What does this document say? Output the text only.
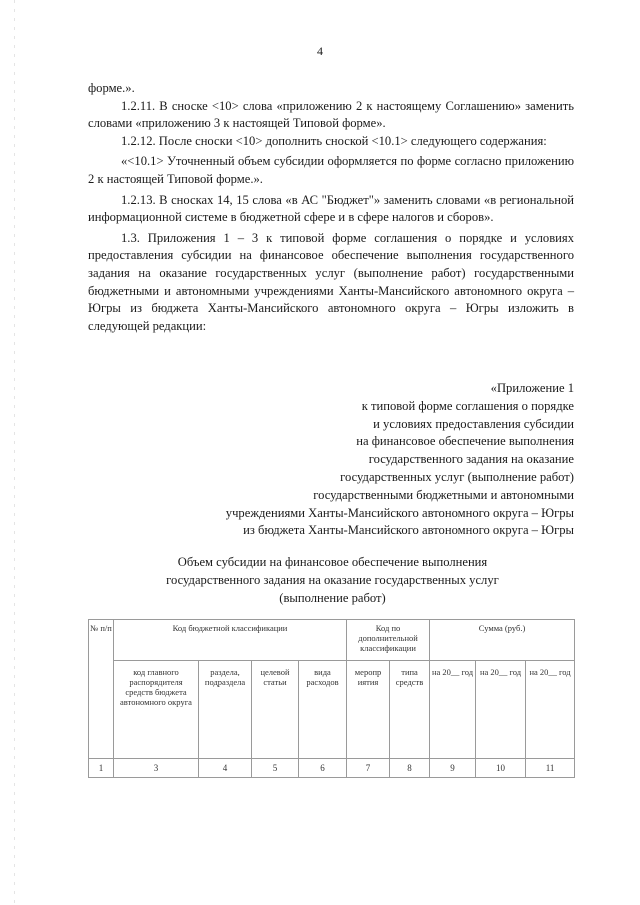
4

форме.».

1.2.11. В сноске <10> слова «приложению 2 к настоящему Соглашению» заменить словами «приложению 3 к настоящей Типовой форме».

1.2.12. После сноски <10> дополнить сноской <10.1> следующего содержания:

«<10.1> Уточненный объем субсидии оформляется по форме согласно приложению 2 к настоящей Типовой форме.».

1.2.13. В сносках 14, 15 слова «в АС "Бюджет"» заменить словами «в региональной информационной системе в бюджетной сфере и в сфере налогов и сборов».

1.3. Приложения 1 – 3 к типовой форме соглашения о порядке и условиях предоставления субсидии на финансовое обеспечение выполнения государственного задания на оказание государственных услуг (выполнение работ) государственными бюджетными и автономными учреждениями Ханты-Мансийского автономного округа – Югры из бюджета Ханты-Мансийского автономного округа – Югры изложить в следующей редакции:

«Приложение 1
к типовой форме соглашения о порядке
и условиях предоставления субсидии
на финансовое обеспечение выполнения
государственного задания на оказание
государственных услуг (выполнение работ)
государственными бюджетными и автономными
учреждениями Ханты-Мансийского автономного округа – Югры
из бюджета Ханты-Мансийского автономного округа – Югры
Объем субсидии на финансовое обеспечение выполнения
государственного задания на оказание государственных услуг
(выполнение работ)
№ п/п	Код бюджетной классификации				Код по дополнительной классификации		Сумма (руб.)		
	код главного распорядителя средств бюджета автономного округа	раздела, подраздела	целевой статьи	вида расходов	меропр иятия	типа средств	на 20__ год	на 20__ год	на 20__ год
1	3	4	5	6	7	8	9	10	11
